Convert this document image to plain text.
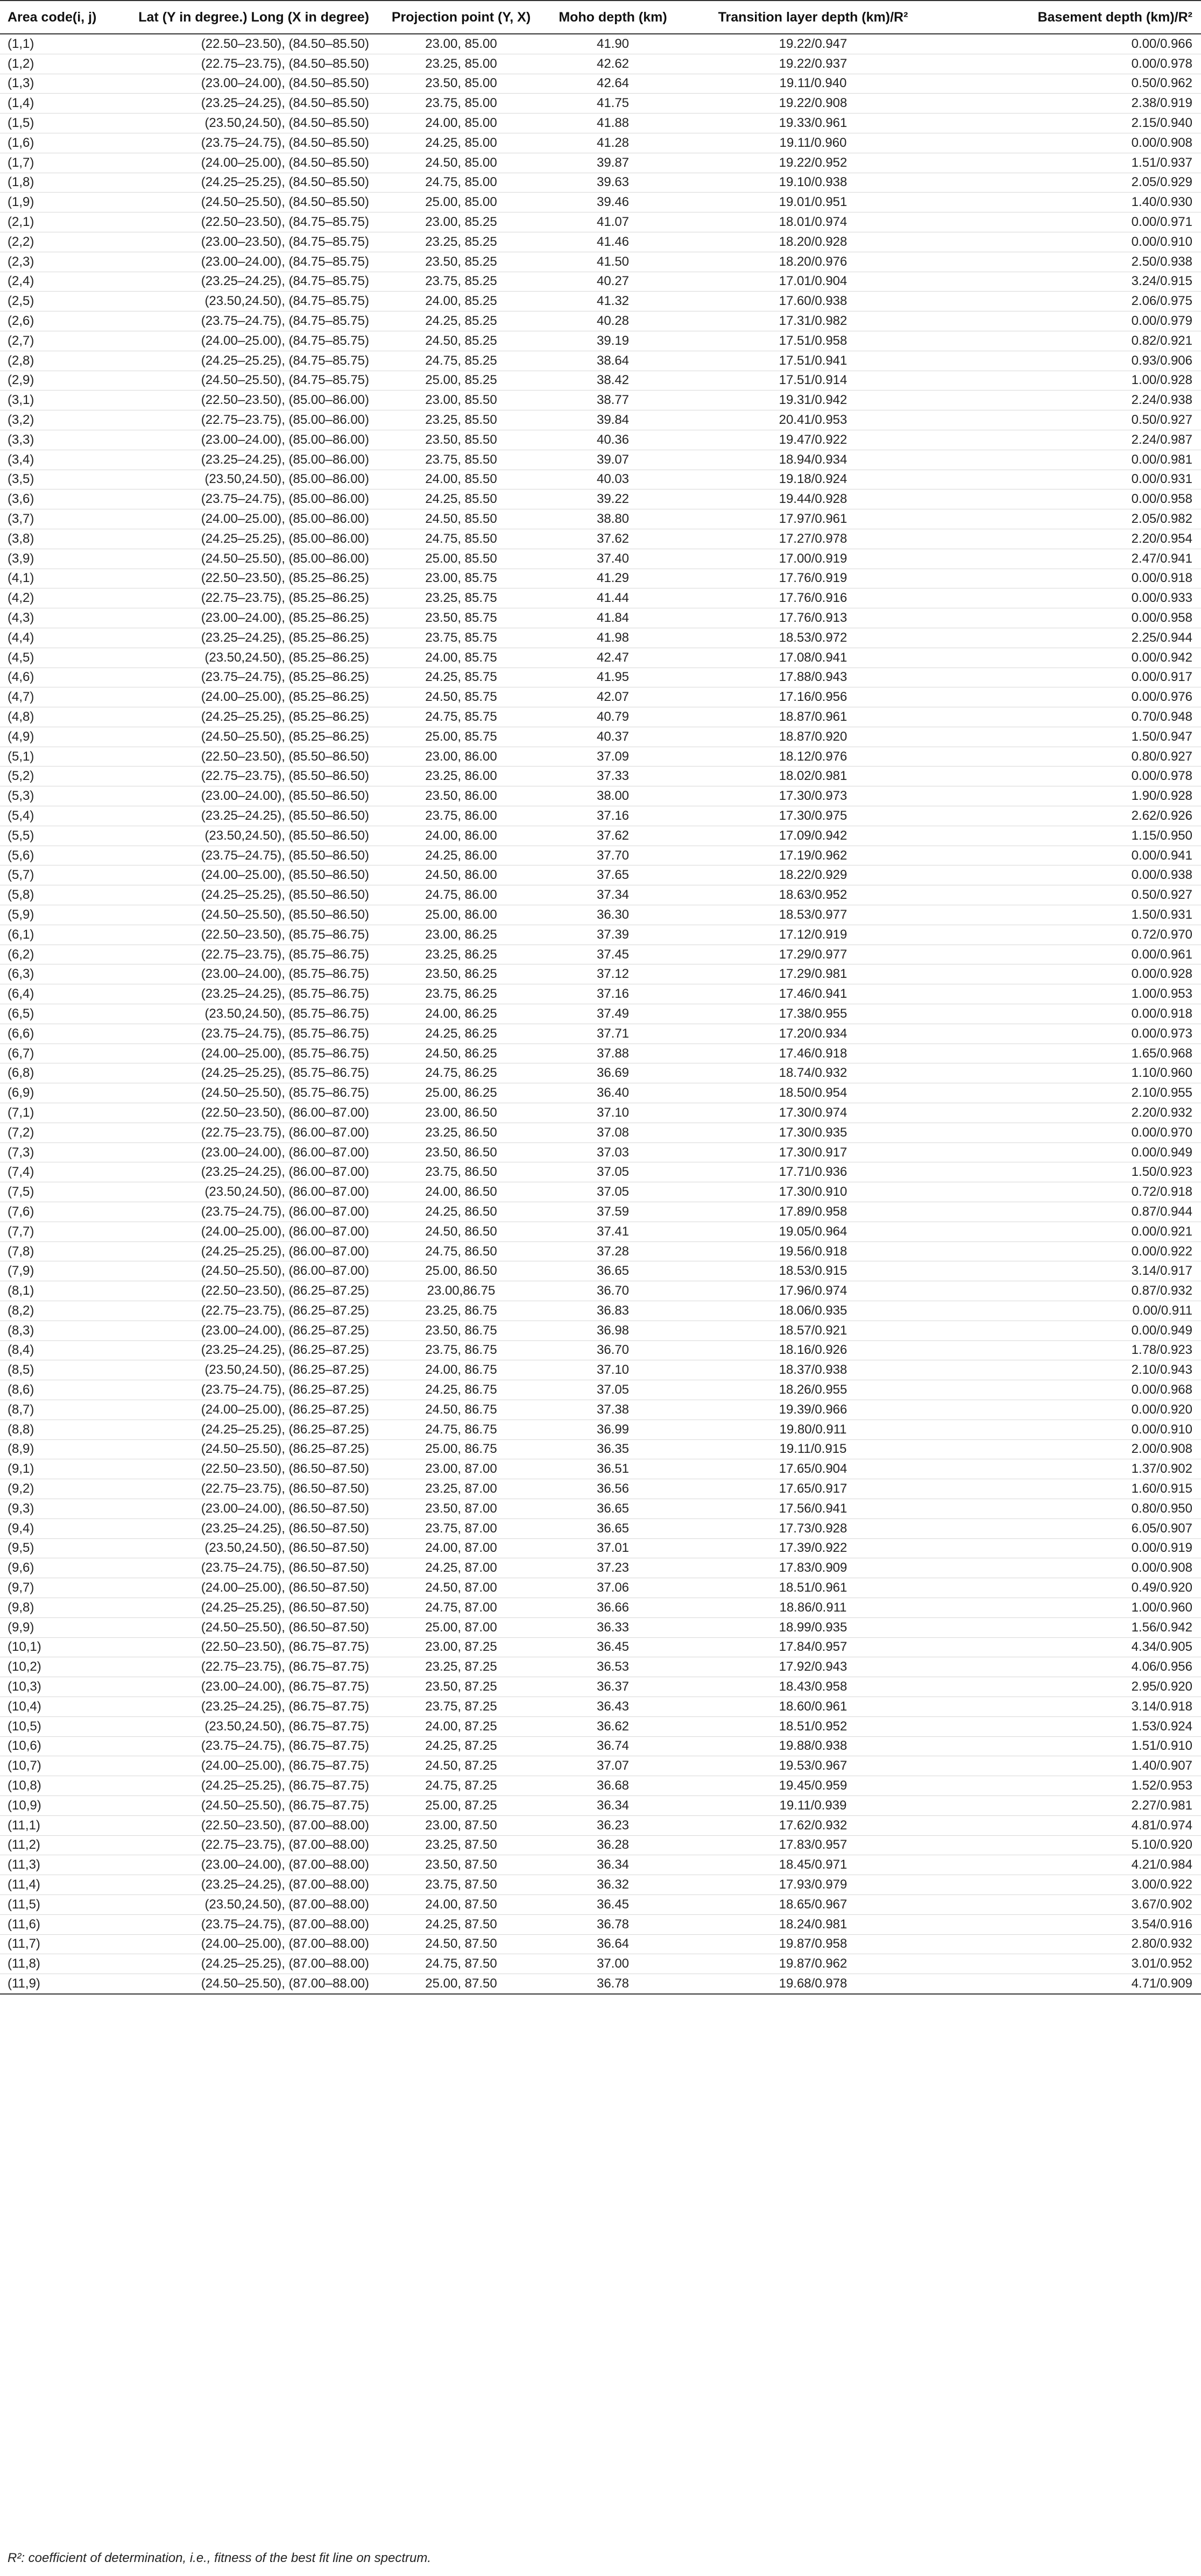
Area code(i, j)	Lat (Y in degree.) Long (X in degree)	Projection point (Y, X)	Moho depth (km)	Transition layer depth (km)/R²	Basement depth (km)/R²
(1,1)	(22.50–23.50), (84.50–85.50)	23.00, 85.00	41.90	19.22/0.947	0.00/0.966
(1,2)	(22.75–23.75), (84.50–85.50)	23.25, 85.00	42.62	19.22/0.937	0.00/0.978
(1,3)	(23.00–24.00), (84.50–85.50)	23.50, 85.00	42.64	19.11/0.940	0.50/0.962
(1,4)	(23.25–24.25), (84.50–85.50)	23.75, 85.00	41.75	19.22/0.908	2.38/0.919
(1,5)	(23.50,24.50), (84.50–85.50)	24.00, 85.00	41.88	19.33/0.961	2.15/0.940
(1,6)	(23.75–24.75), (84.50–85.50)	24.25, 85.00	41.28	19.11/0.960	0.00/0.908
(1,7)	(24.00–25.00), (84.50–85.50)	24.50, 85.00	39.87	19.22/0.952	1.51/0.937
(1,8)	(24.25–25.25), (84.50–85.50)	24.75, 85.00	39.63	19.10/0.938	2.05/0.929
(1,9)	(24.50–25.50), (84.50–85.50)	25.00, 85.00	39.46	19.01/0.951	1.40/0.930
(2,1)	(22.50–23.50), (84.75–85.75)	23.00, 85.25	41.07	18.01/0.974	0.00/0.971
(2,2)	(23.00–23.50), (84.75–85.75)	23.25, 85.25	41.46	18.20/0.928	0.00/0.910
(2,3)	(23.00–24.00), (84.75–85.75)	23.50, 85.25	41.50	18.20/0.976	2.50/0.938
(2,4)	(23.25–24.25), (84.75–85.75)	23.75, 85.25	40.27	17.01/0.904	3.24/0.915
(2,5)	(23.50,24.50), (84.75–85.75)	24.00, 85.25	41.32	17.60/0.938	2.06/0.975
(2,6)	(23.75–24.75), (84.75–85.75)	24.25, 85.25	40.28	17.31/0.982	0.00/0.979
(2,7)	(24.00–25.00), (84.75–85.75)	24.50, 85.25	39.19	17.51/0.958	0.82/0.921
(2,8)	(24.25–25.25), (84.75–85.75)	24.75, 85.25	38.64	17.51/0.941	0.93/0.906
(2,9)	(24.50–25.50), (84.75–85.75)	25.00, 85.25	38.42	17.51/0.914	1.00/0.928
(3,1)	(22.50–23.50), (85.00–86.00)	23.00, 85.50	38.77	19.31/0.942	2.24/0.938
(3,2)	(22.75–23.75), (85.00–86.00)	23.25, 85.50	39.84	20.41/0.953	0.50/0.927
(3,3)	(23.00–24.00), (85.00–86.00)	23.50, 85.50	40.36	19.47/0.922	2.24/0.987
(3,4)	(23.25–24.25), (85.00–86.00)	23.75, 85.50	39.07	18.94/0.934	0.00/0.981
(3,5)	(23.50,24.50), (85.00–86.00)	24.00, 85.50	40.03	19.18/0.924	0.00/0.931
(3,6)	(23.75–24.75), (85.00–86.00)	24.25, 85.50	39.22	19.44/0.928	0.00/0.958
(3,7)	(24.00–25.00), (85.00–86.00)	24.50, 85.50	38.80	17.97/0.961	2.05/0.982
(3,8)	(24.25–25.25), (85.00–86.00)	24.75, 85.50	37.62	17.27/0.978	2.20/0.954
(3,9)	(24.50–25.50), (85.00–86.00)	25.00, 85.50	37.40	17.00/0.919	2.47/0.941
(4,1)	(22.50–23.50), (85.25–86.25)	23.00, 85.75	41.29	17.76/0.919	0.00/0.918
(4,2)	(22.75–23.75), (85.25–86.25)	23.25, 85.75	41.44	17.76/0.916	0.00/0.933
(4,3)	(23.00–24.00), (85.25–86.25)	23.50, 85.75	41.84	17.76/0.913	0.00/0.958
(4,4)	(23.25–24.25), (85.25–86.25)	23.75, 85.75	41.98	18.53/0.972	2.25/0.944
(4,5)	(23.50,24.50), (85.25–86.25)	24.00, 85.75	42.47	17.08/0.941	0.00/0.942
(4,6)	(23.75–24.75), (85.25–86.25)	24.25, 85.75	41.95	17.88/0.943	0.00/0.917
(4,7)	(24.00–25.00), (85.25–86.25)	24.50, 85.75	42.07	17.16/0.956	0.00/0.976
(4,8)	(24.25–25.25), (85.25–86.25)	24.75, 85.75	40.79	18.87/0.961	0.70/0.948
(4,9)	(24.50–25.50), (85.25–86.25)	25.00, 85.75	40.37	18.87/0.920	1.50/0.947
(5,1)	(22.50–23.50), (85.50–86.50)	23.00, 86.00	37.09	18.12/0.976	0.80/0.927
(5,2)	(22.75–23.75), (85.50–86.50)	23.25, 86.00	37.33	18.02/0.981	0.00/0.978
(5,3)	(23.00–24.00), (85.50–86.50)	23.50, 86.00	38.00	17.30/0.973	1.90/0.928
(5,4)	(23.25–24.25), (85.50–86.50)	23.75, 86.00	37.16	17.30/0.975	2.62/0.926
(5,5)	(23.50,24.50), (85.50–86.50)	24.00, 86.00	37.62	17.09/0.942	1.15/0.950
(5,6)	(23.75–24.75), (85.50–86.50)	24.25, 86.00	37.70	17.19/0.962	0.00/0.941
(5,7)	(24.00–25.00), (85.50–86.50)	24.50, 86.00	37.65	18.22/0.929	0.00/0.938
(5,8)	(24.25–25.25), (85.50–86.50)	24.75, 86.00	37.34	18.63/0.952	0.50/0.927
(5,9)	(24.50–25.50), (85.50–86.50)	25.00, 86.00	36.30	18.53/0.977	1.50/0.931
(6,1)	(22.50–23.50), (85.75–86.75)	23.00, 86.25	37.39	17.12/0.919	0.72/0.970
(6,2)	(22.75–23.75), (85.75–86.75)	23.25, 86.25	37.45	17.29/0.977	0.00/0.961
(6,3)	(23.00–24.00), (85.75–86.75)	23.50, 86.25	37.12	17.29/0.981	0.00/0.928
(6,4)	(23.25–24.25), (85.75–86.75)	23.75, 86.25	37.16	17.46/0.941	1.00/0.953
(6,5)	(23.50,24.50), (85.75–86.75)	24.00, 86.25	37.49	17.38/0.955	0.00/0.918
(6,6)	(23.75–24.75), (85.75–86.75)	24.25, 86.25	37.71	17.20/0.934	0.00/0.973
(6,7)	(24.00–25.00), (85.75–86.75)	24.50, 86.25	37.88	17.46/0.918	1.65/0.968
(6,8)	(24.25–25.25), (85.75–86.75)	24.75, 86.25	36.69	18.74/0.932	1.10/0.960
(6,9)	(24.50–25.50), (85.75–86.75)	25.00, 86.25	36.40	18.50/0.954	2.10/0.955
(7,1)	(22.50–23.50), (86.00–87.00)	23.00, 86.50	37.10	17.30/0.974	2.20/0.932
(7,2)	(22.75–23.75), (86.00–87.00)	23.25, 86.50	37.08	17.30/0.935	0.00/0.970
(7,3)	(23.00–24.00), (86.00–87.00)	23.50, 86.50	37.03	17.30/0.917	0.00/0.949
(7,4)	(23.25–24.25), (86.00–87.00)	23.75, 86.50	37.05	17.71/0.936	1.50/0.923
(7,5)	(23.50,24.50), (86.00–87.00)	24.00, 86.50	37.05	17.30/0.910	0.72/0.918
(7,6)	(23.75–24.75), (86.00–87.00)	24.25, 86.50	37.59	17.89/0.958	0.87/0.944
(7,7)	(24.00–25.00), (86.00–87.00)	24.50, 86.50	37.41	19.05/0.964	0.00/0.921
(7,8)	(24.25–25.25), (86.00–87.00)	24.75, 86.50	37.28	19.56/0.918	0.00/0.922
(7,9)	(24.50–25.50), (86.00–87.00)	25.00, 86.50	36.65	18.53/0.915	3.14/0.917
(8,1)	(22.50–23.50), (86.25–87.25)	23.00,86.75	36.70	17.96/0.974	0.87/0.932
(8,2)	(22.75–23.75), (86.25–87.25)	23.25, 86.75	36.83	18.06/0.935	0.00/0.911
(8,3)	(23.00–24.00), (86.25–87.25)	23.50, 86.75	36.98	18.57/0.921	0.00/0.949
(8,4)	(23.25–24.25), (86.25–87.25)	23.75, 86.75	36.70	18.16/0.926	1.78/0.923
(8,5)	(23.50,24.50), (86.25–87.25)	24.00, 86.75	37.10	18.37/0.938	2.10/0.943
(8,6)	(23.75–24.75), (86.25–87.25)	24.25, 86.75	37.05	18.26/0.955	0.00/0.968
(8,7)	(24.00–25.00), (86.25–87.25)	24.50, 86.75	37.38	19.39/0.966	0.00/0.920
(8,8)	(24.25–25.25), (86.25–87.25)	24.75, 86.75	36.99	19.80/0.911	0.00/0.910
(8,9)	(24.50–25.50), (86.25–87.25)	25.00, 86.75	36.35	19.11/0.915	2.00/0.908
(9,1)	(22.50–23.50), (86.50–87.50)	23.00, 87.00	36.51	17.65/0.904	1.37/0.902
(9,2)	(22.75–23.75), (86.50–87.50)	23.25, 87.00	36.56	17.65/0.917	1.60/0.915
(9,3)	(23.00–24.00), (86.50–87.50)	23.50, 87.00	36.65	17.56/0.941	0.80/0.950
(9,4)	(23.25–24.25), (86.50–87.50)	23.75, 87.00	36.65	17.73/0.928	6.05/0.907
(9,5)	(23.50,24.50), (86.50–87.50)	24.00, 87.00	37.01	17.39/0.922	0.00/0.919
(9,6)	(23.75–24.75), (86.50–87.50)	24.25, 87.00	37.23	17.83/0.909	0.00/0.908
(9,7)	(24.00–25.00), (86.50–87.50)	24.50, 87.00	37.06	18.51/0.961	0.49/0.920
(9,8)	(24.25–25.25), (86.50–87.50)	24.75, 87.00	36.66	18.86/0.911	1.00/0.960
(9,9)	(24.50–25.50), (86.50–87.50)	25.00, 87.00	36.33	18.99/0.935	1.56/0.942
(10,1)	(22.50–23.50), (86.75–87.75)	23.00, 87.25	36.45	17.84/0.957	4.34/0.905
(10,2)	(22.75–23.75), (86.75–87.75)	23.25, 87.25	36.53	17.92/0.943	4.06/0.956
(10,3)	(23.00–24.00), (86.75–87.75)	23.50, 87.25	36.37	18.43/0.958	2.95/0.920
(10,4)	(23.25–24.25), (86.75–87.75)	23.75, 87.25	36.43	18.60/0.961	3.14/0.918
(10,5)	(23.50,24.50), (86.75–87.75)	24.00, 87.25	36.62	18.51/0.952	1.53/0.924
(10,6)	(23.75–24.75), (86.75–87.75)	24.25, 87.25	36.74	19.88/0.938	1.51/0.910
(10,7)	(24.00–25.00), (86.75–87.75)	24.50, 87.25	37.07	19.53/0.967	1.40/0.907
(10,8)	(24.25–25.25), (86.75–87.75)	24.75, 87.25	36.68	19.45/0.959	1.52/0.953
(10,9)	(24.50–25.50), (86.75–87.75)	25.00, 87.25	36.34	19.11/0.939	2.27/0.981
(11,1)	(22.50–23.50), (87.00–88.00)	23.00, 87.50	36.23	17.62/0.932	4.81/0.974
(11,2)	(22.75–23.75), (87.00–88.00)	23.25, 87.50	36.28	17.83/0.957	5.10/0.920
(11,3)	(23.00–24.00), (87.00–88.00)	23.50, 87.50	36.34	18.45/0.971	4.21/0.984
(11,4)	(23.25–24.25), (87.00–88.00)	23.75, 87.50	36.32	17.93/0.979	3.00/0.922
(11,5)	(23.50,24.50), (87.00–88.00)	24.00, 87.50	36.45	18.65/0.967	3.67/0.902
(11,6)	(23.75–24.75), (87.00–88.00)	24.25, 87.50	36.78	18.24/0.981	3.54/0.916
(11,7)	(24.00–25.00), (87.00–88.00)	24.50, 87.50	36.64	19.87/0.958	2.80/0.932
(11,8)	(24.25–25.25), (87.00–88.00)	24.75, 87.50	37.00	19.87/0.962	3.01/0.952
(11,9)	(24.50–25.50), (87.00–88.00)	25.00, 87.50	36.78	19.68/0.978	4.71/0.909
R²: coefficient of determination, i.e., fitness of the best fit line on spectrum.
